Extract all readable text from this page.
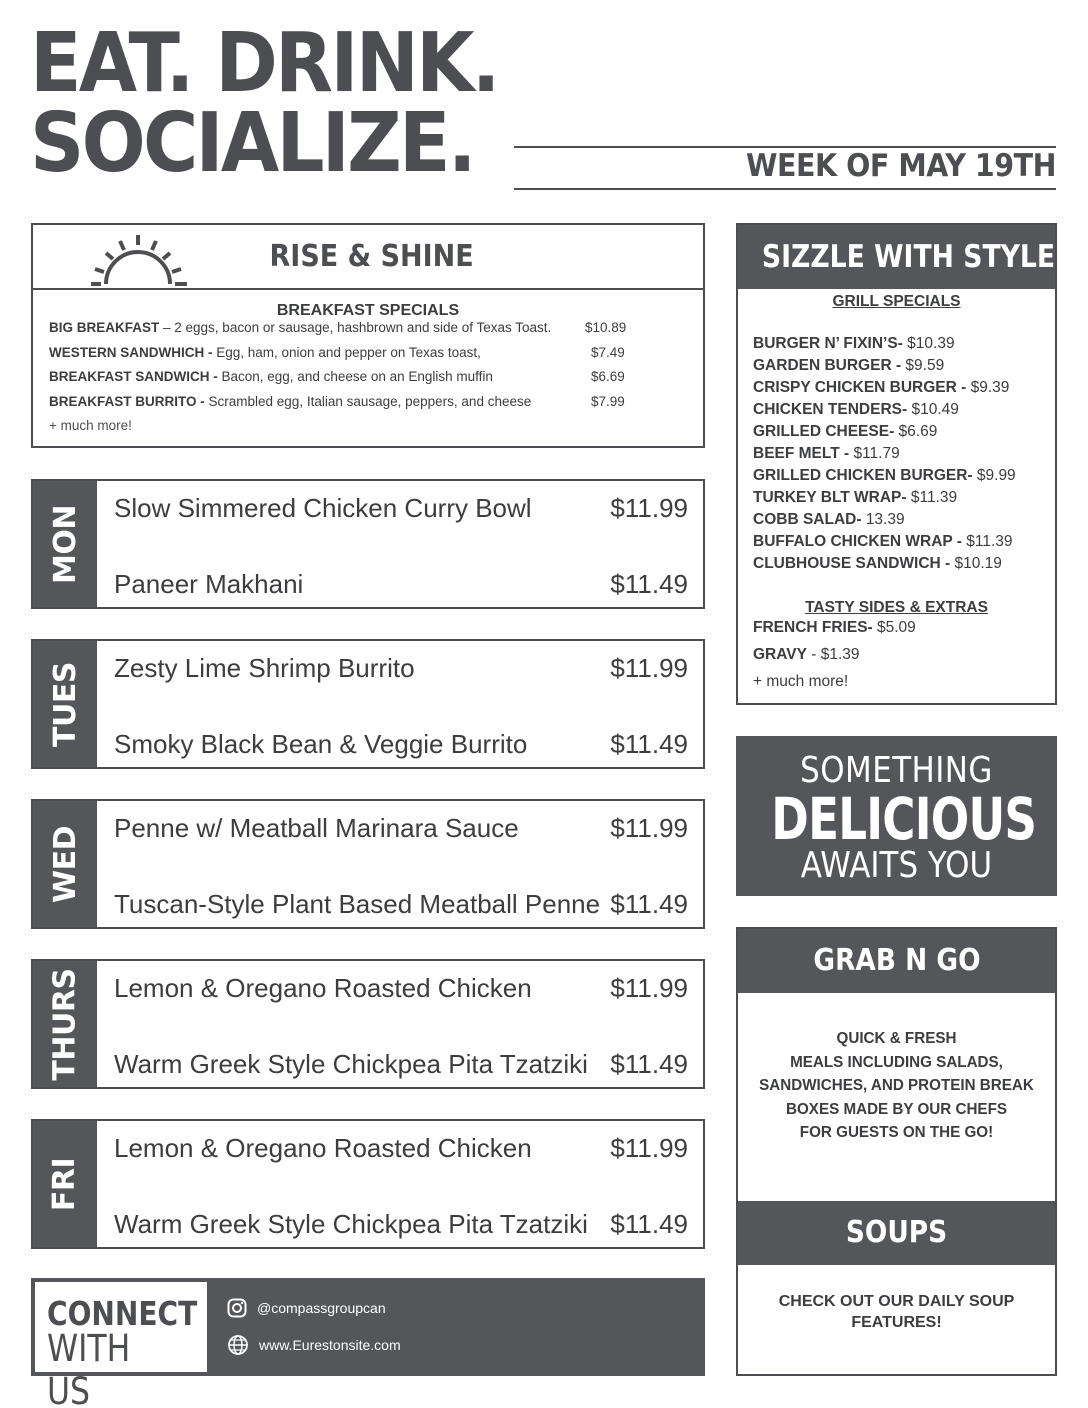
EAT. DRINK.
SOCIALIZE.	WEEK OF MAY 19TH
RISE & SHINE
BREAKFAST SPECIALS
BIG BREAKFAST – 2 eggs, bacon or sausage, hashbrown and side of Texas Toast. $10.89
WESTERN SANDWHICH - Egg, ham, onion and pepper on Texas toast,	$7.49
BREAKFAST SANDWICH - Bacon, egg, and cheese on an English muffin	$6.69
BREAKFAST BURRITO - Scrambled egg, Italian sausage, peppers, and cheese	$7.99
+ much more!
MON Slow Simmered Chicken Curry Bowl	$11.99
Paneer Makhani	$11.49
TUES Zesty Lime Shrimp Burrito	$11.99
Smoky Black Bean & Veggie Burrito	$11.49
WED Penne w/ Meatball Marinara Sauce	$11.99
Tuscan-Style Plant Based Meatball Penne $11.49
THURS Lemon & Oregano Roasted Chicken	$11.99
Warm Greek Style Chickpea Pita Tzatziki $11.49
FRI
Lemon & Oregano Roasted Chicken	$11.99
Warm Greek Style Chickpea Pita Tzatziki $11.49
CONNECT
WITH US
@compassgroupcan
www.Eurestonsite.com
SIZZLE WITH STYLE
GRILL SPECIALS
BURGER N’ FIXIN’S- $10.39
GARDEN BURGER - $9.59
CRISPY CHICKEN BURGER - $9.39
CHICKEN TENDERS- $10.49
GRILLED CHEESE- $6.69
BEEF MELT - $11.79
GRILLED CHICKEN BURGER- $9.99
TURKEY BLT WRAP- $11.39
COBB SALAD- 13.39
BUFFALO CHICKEN WRAP - $11.39
CLUBHOUSE SANDWICH - $10.19
TASTY SIDES & EXTRAS
FRENCH FRIES- $5.09
GRAVY - $1.39
+ much more!
SOMETHING
DELICIOUS
AWAITS YOU
GRAB N GO
QUICK & FRESH
MEALS INCLUDING SALADS,
SANDWICHES, AND PROTEIN BREAK
BOXES MADE BY OUR CHEFS
FOR GUESTS ON THE GO!
SOUPS
CHECK OUT OUR DAILY SOUP FEATURES!
